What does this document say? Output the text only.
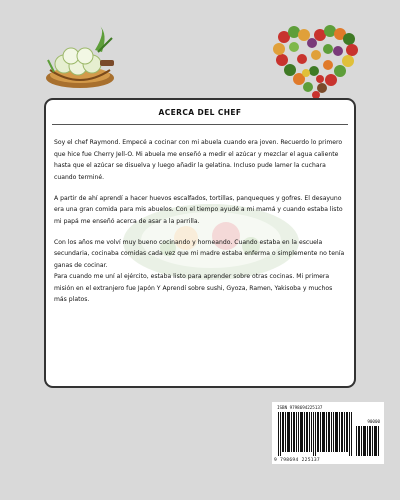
ACERCA DEL CHEF

Soy el chef Raymond. Empecé a cocinar con mi abuela cuando era joven. Recuerdo lo primero que hice fue Cherry Jell-O. Mi abuela me enseñó a medir el azúcar y mezclar el agua caliente hasta que el azúcar se disuelva y luego añadir la gelatina. Incluso pude lamer la cuchara cuando terminé.

A partir de ahí aprendí a hacer huevos escalfados, tortillas, panqueques y gofres. El desayuno era una gran comida para mis abuelos. Con el tiempo ayudé a mi mamá y cuando estaba listo mi papá me enseñó acerca de asar a la parrilla.

Con los años me volví muy bueno cocinando y horneando. Cuando estaba en la escuela secundaria, cocinaba comidas cada vez que mi madre estaba enferma o simplemente no tenía ganas de cocinar.
Para cuando me uní al ejército, estaba listo para aprender sobre otras cocinas. Mi primera misión en el extranjero fue Japón Y Aprendí sobre sushi, Gyoza, Ramen, Yakisoba y muchos más platos.

ISBN 9798694225137
90000
9 798694 225137
